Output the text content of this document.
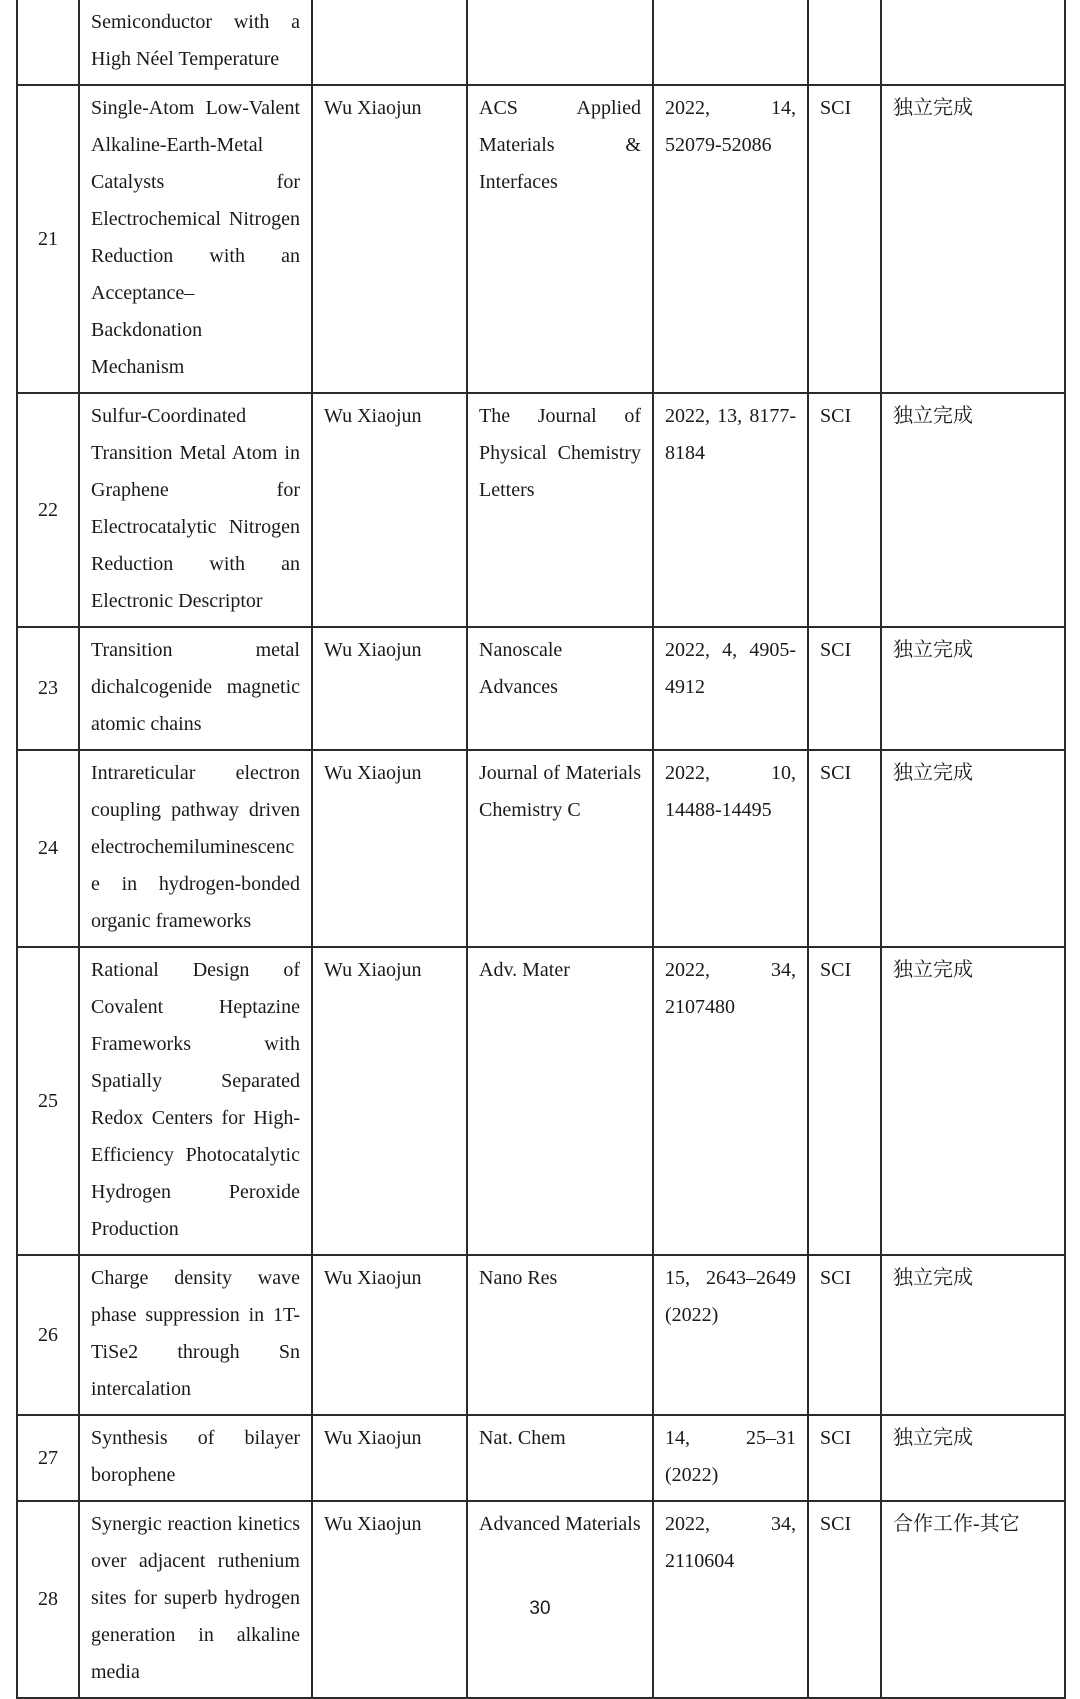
	Semiconductor with a High Néel Temperature					
21	Single-Atom Low-Valent Alkaline-Earth-Metal Catalysts for Electrochemical Nitrogen Reduction with an Acceptance–Backdonation Mechanism	Wu Xiaojun	ACS Applied Materials & Interfaces	2022, 14, 52079-52086	SCI	独立完成
22	Sulfur-Coordinated Transition Metal Atom in Graphene for Electrocatalytic Nitrogen Reduction with an Electronic Descriptor	Wu Xiaojun	The Journal of Physical Chemistry Letters	2022, 13, 8177-8184	SCI	独立完成
23	Transition metal dichalcogenide magnetic atomic chains	Wu Xiaojun	Nanoscale Advances	2022, 4, 4905-4912	SCI	独立完成
24	Intrareticular electron coupling pathway driven electrochemiluminescence in hydrogen-bonded organic frameworks	Wu Xiaojun	Journal of Materials Chemistry C	2022, 10, 14488-14495	SCI	独立完成
25	Rational Design of Covalent Heptazine Frameworks with Spatially Separated Redox Centers for High-Efficiency Photocatalytic Hydrogen Peroxide Production	Wu Xiaojun	Adv. Mater	2022, 34, 2107480	SCI	独立完成
26	Charge density wave phase suppression in 1T-TiSe2 through Sn intercalation	Wu Xiaojun	Nano Res	15, 2643–2649 (2022)	SCI	独立完成
27	Synthesis of bilayer borophene	Wu Xiaojun	Nat. Chem	14, 25–31 (2022)	SCI	独立完成
28	Synergic reaction kinetics over adjacent ruthenium sites for superb hydrogen generation in alkaline media	Wu Xiaojun	Advanced Materials	2022, 34, 2110604	SCI	合作工作-其它
30
